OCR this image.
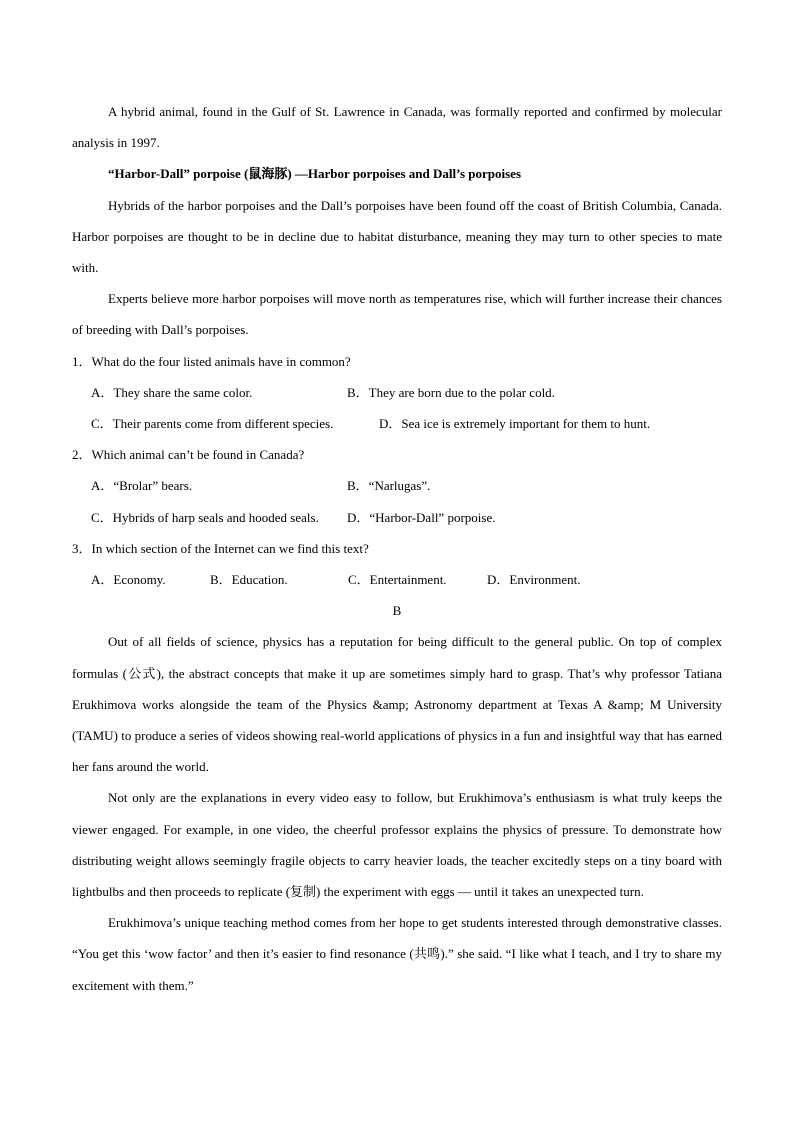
A hybrid animal, found in the Gulf of St. Lawrence in Canada, was formally reported and confirmed by molecular analysis in 1997.

“Harbor-Dall” porpoise (鼠海豚) —Harbor porpoises and Dall’s porpoises

Hybrids of the harbor porpoises and the Dall’s porpoises have been found off the coast of British Columbia, Canada. Harbor porpoises are thought to be in decline due to habitat disturbance, meaning they may turn to other species to mate with.

Experts believe more harbor porpoises will move north as temperatures rise, which will further increase their chances of breeding with Dall’s porpoises.

1．What do the four listed animals have in common?

A．They share the same color.	B．They are born due to the polar cold.
C．Their parents come from different species.	D．Sea ice is extremely important for them to hunt.

2．Which animal can’t be found in Canada?

A．“Brolar” bears.	B．“Narlugas”.
C．Hybrids of harp seals and hooded seals.	D．“Harbor-Dall” porpoise.

3．In which section of the Internet can we find this text?

A．Economy.	B．Education.	C．Entertainment.	D．Environment.

B

Out of all fields of science, physics has a reputation for being difficult to the general public. On top of complex formulas (公式), the abstract concepts that make it up are sometimes simply hard to grasp. That’s why professor Tatiana Erukhimova works alongside the team of the Physics &amp; Astronomy department at Texas A &amp; M University (TAMU) to produce a series of videos showing real-world applications of physics in a fun and insightful way that has earned her fans around the world.

Not only are the explanations in every video easy to follow, but Erukhimova’s enthusiasm is what truly keeps the viewer engaged. For example, in one video, the cheerful professor explains the physics of pressure. To demonstrate how distributing weight allows seemingly fragile objects to carry heavier loads, the teacher excitedly steps on a tiny board with lightbulbs and then proceeds to replicate (复制) the experiment with eggs — until it takes an unexpected turn.

Erukhimova’s unique teaching method comes from her hope to get students interested through demonstrative classes. “You get this ‘wow factor’ and then it’s easier to find resonance (共鸣).” she said. “I like what I teach, and I try to share my excitement with them.”
